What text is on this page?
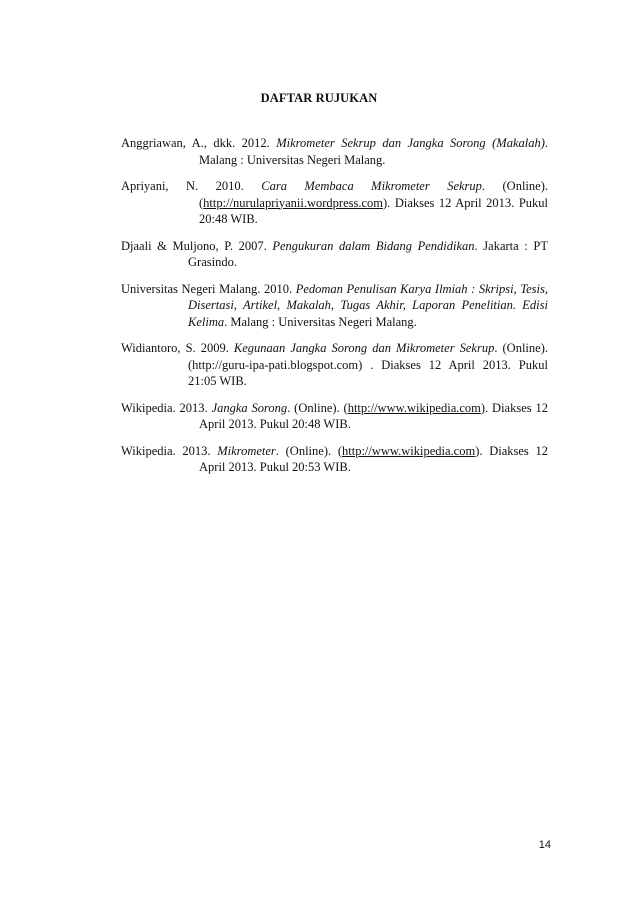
DAFTAR RUJUKAN

Anggriawan, A., dkk. 2012. Mikrometer Sekrup dan Jangka Sorong (Makalah). Malang : Universitas Negeri Malang.

Apriyani, N. 2010. Cara Membaca Mikrometer Sekrup. (Online). (http://nurulapriyanii.wordpress.com). Diakses 12 April 2013. Pukul 20:48 WIB.

Djaali & Muljono, P. 2007. Pengukuran dalam Bidang Pendidikan. Jakarta : PT Grasindo.

Universitas Negeri Malang. 2010. Pedoman Penulisan Karya Ilmiah : Skripsi, Tesis, Disertasi, Artikel, Makalah, Tugas Akhir, Laporan Penelitian. Edisi Kelima. Malang : Universitas Negeri Malang.

Widiantoro, S. 2009. Kegunaan Jangka Sorong dan Mikrometer Sekrup. (Online). (http://guru-ipa-pati.blogspot.com) . Diakses 12 April 2013. Pukul 21:05 WIB.

Wikipedia. 2013. Jangka Sorong. (Online). (http://www.wikipedia.com). Diakses 12 April 2013. Pukul 20:48 WIB.

Wikipedia. 2013. Mikrometer. (Online). (http://www.wikipedia.com). Diakses 12 April 2013. Pukul 20:53 WIB.

14
